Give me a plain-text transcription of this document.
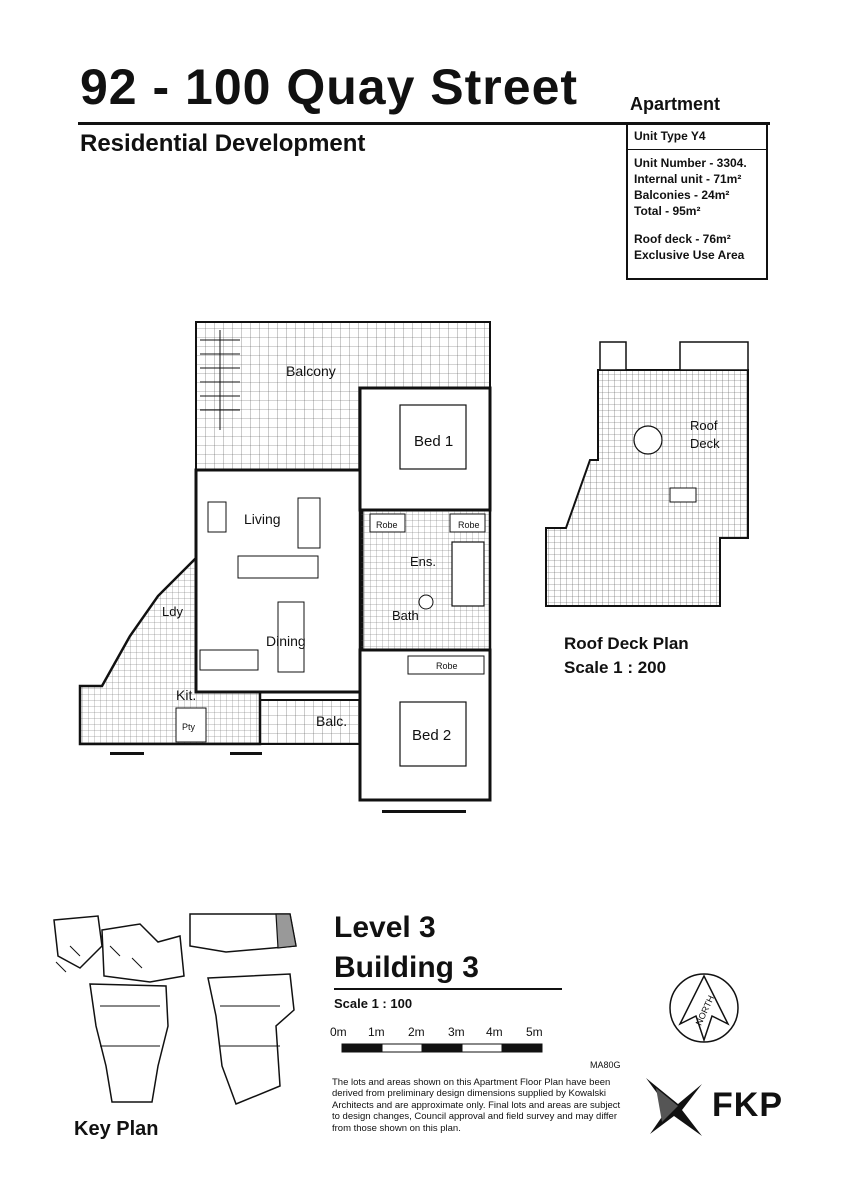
92 - 100 Quay Street
Residential Development
Apartment
Unit Type Y4
Unit Number - 3304.
Internal unit - 71m²
Balconies - 24m²
Total - 95m²
Roof deck - 76m²
Exclusive Use Area
Balcony
Bed 1
Living	Robe	Robe
Ens.
Bath
Ldy
Dining
Kit.
Pty
Robe
Balc.
Bed 2
Roof
Deck
Roof Deck Plan
Scale 1 : 200
Key Plan
Level 3
Building 3
Scale 1 : 100
0m 1m 2m 3m 4m 5m
MA80G
The lots and areas shown on this Apartment Floor Plan have been derived from preliminary design dimensions supplied by Kowalski Architects and are approximate only. Final lots and areas are subject to design changes, Council approval and field survey and may differ from those shown on this plan.
NORTH
FKP
